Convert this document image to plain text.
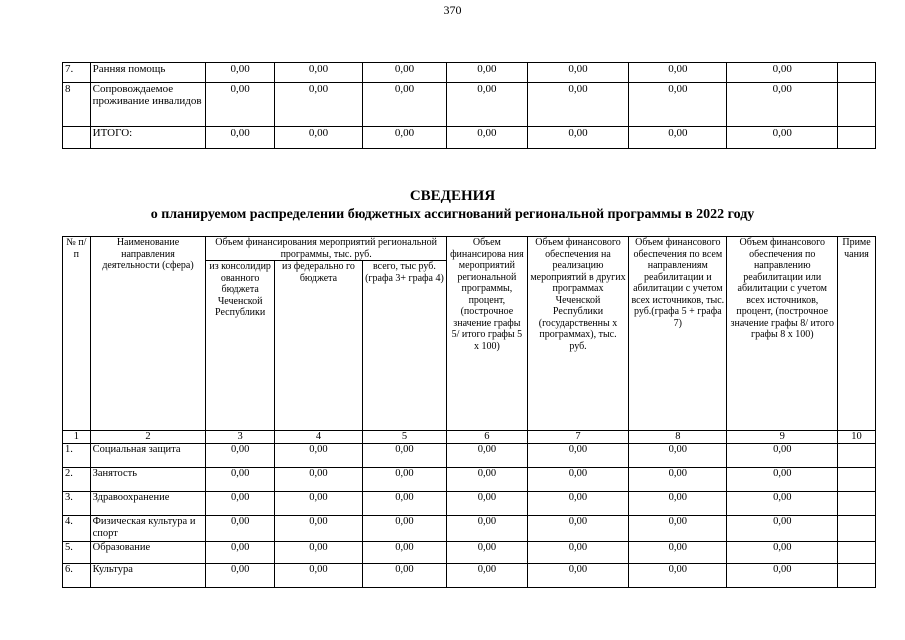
370
7.	Ранняя помощь	0,00	0,00	0,00	0,00	0,00	0,00	0,00	
8	Сопровождаемое проживание инвалидов	0,00	0,00	0,00	0,00	0,00	0,00	0,00	
	ИТОГО:	0,00	0,00	0,00	0,00	0,00	0,00	0,00	
СВЕДЕНИЯ
о планируемом распределении бюджетных ассигнований региональной программы в 2022 году
№ п/п	Наименование направления деятельности (сфера)	Объем финансирования мероприятий региональной программы, тыс. руб.			Объем финансирова ния мероприятий региональной программы, процент, (построчное значение графы 5/ итого графы 5 х 100)	Объем финансового обеспечения на реализацию мероприятий в других программах Чеченской Республики (государственны х программах), тыс. руб.	Объем финансового обеспечения по всем направлениям реабилитации и абилитации с учетом всех источников, тыс. руб.(графа 5 + графа 7)	Объем финансового обеспечения по направлению реабилитации или абилитации с учетом всех источников, процент, (построчное значение графы 8/ итого графы 8 х 100)	Приме чания
		из консолидир ованного бюджета Чеченской Республики	из федерально го бюджета	всего, тыс руб. (графа 3+ графа 4)					
1	2	3	4	5	6	7	8	9	10
1.	Социальная защита	0,00	0,00	0,00	0,00	0,00	0,00	0,00	
2.	Занятость	0,00	0,00	0,00	0,00	0,00	0,00	0,00	
3.	Здравоохранение	0,00	0,00	0,00	0,00	0,00	0,00	0,00	
4.	Физическая культура и спорт	0,00	0,00	0,00	0,00	0,00	0,00	0,00	
5.	Образование	0,00	0,00	0,00	0,00	0,00	0,00	0,00	
6.	Культура	0,00	0,00	0,00	0,00	0,00	0,00	0,00	
